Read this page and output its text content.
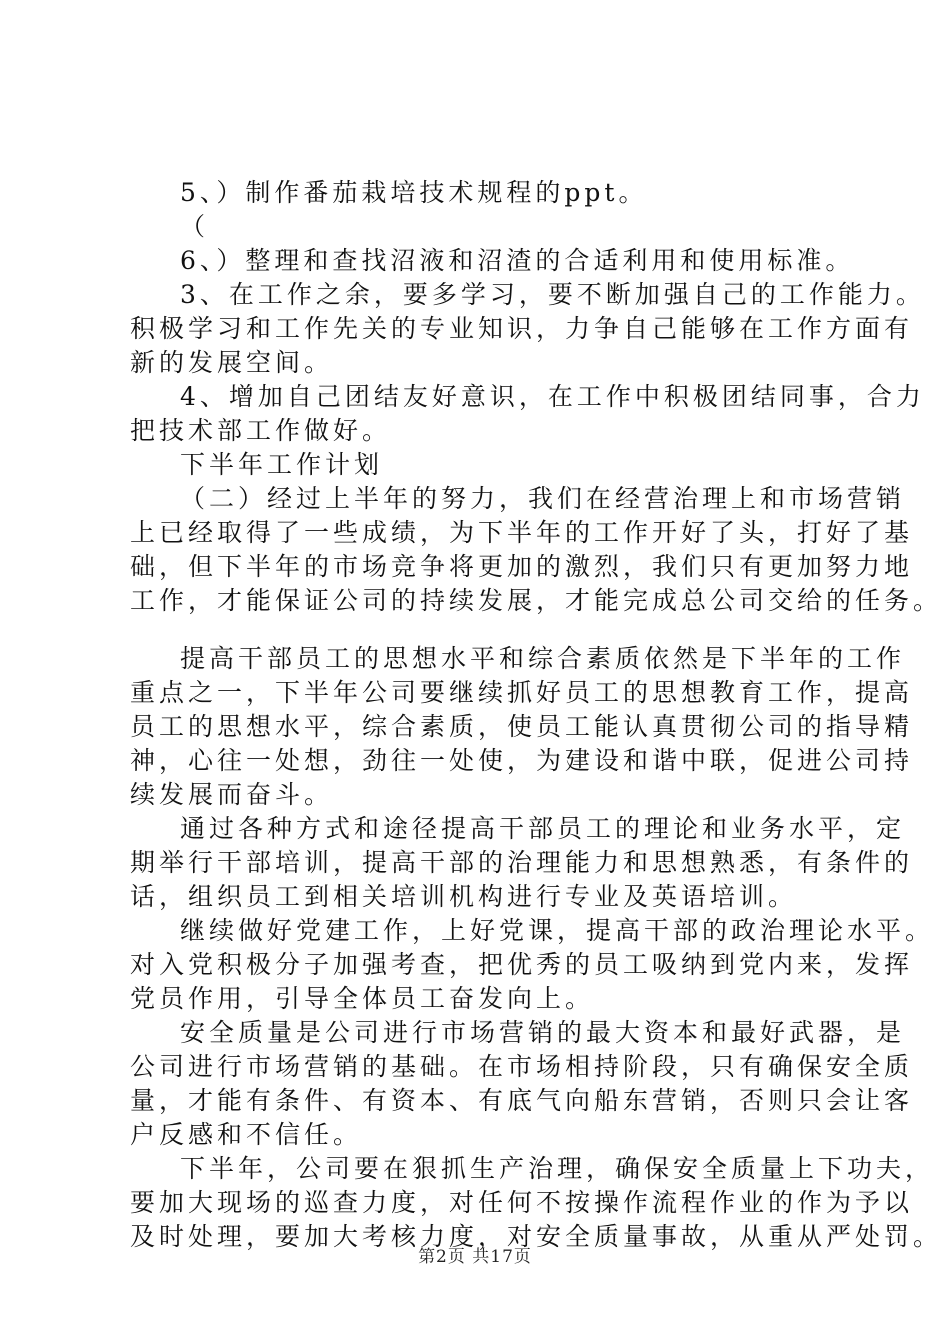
5、）制作番茄栽培技术规程的ppt。
（
6、）整理和查找沼液和沼渣的合适利用和使用标准。
3、在工作之余，要多学习，要不断加强自己的工作能力。
积极学习和工作先关的专业知识，力争自己能够在工作方面有
新的发展空间。
4、增加自己团结友好意识，在工作中积极团结同事，合力
把技术部工作做好。
下半年工作计划
（二）经过上半年的努力，我们在经营治理上和市场营销
上已经取得了一些成绩，为下半年的工作开好了头，打好了基
础，但下半年的市场竞争将更加的激烈，我们只有更加努力地
工作，才能保证公司的持续发展，才能完成总公司交给的任务。
提高干部员工的思想水平和综合素质依然是下半年的工作
重点之一，下半年公司要继续抓好员工的思想教育工作，提高
员工的思想水平，综合素质，使员工能认真贯彻公司的指导精
神，心往一处想，劲往一处使，为建设和谐中联，促进公司持
续发展而奋斗。
通过各种方式和途径提高干部员工的理论和业务水平，定
期举行干部培训，提高干部的治理能力和思想熟悉，有条件的
话，组织员工到相关培训机构进行专业及英语培训。
继续做好党建工作，上好党课，提高干部的政治理论水平。
对入党积极分子加强考查，把优秀的员工吸纳到党内来，发挥
党员作用，引导全体员工奋发向上。
安全质量是公司进行市场营销的最大资本和最好武器，是
公司进行市场营销的基础。在市场相持阶段，只有确保安全质
量，才能有条件、有资本、有底气向船东营销，否则只会让客
户反感和不信任。
下半年，公司要在狠抓生产治理，确保安全质量上下功夫，
要加大现场的巡查力度，对任何不按操作流程作业的作为予以
及时处理，要加大考核力度，对安全质量事故，从重从严处罚。
第2页 共17页
